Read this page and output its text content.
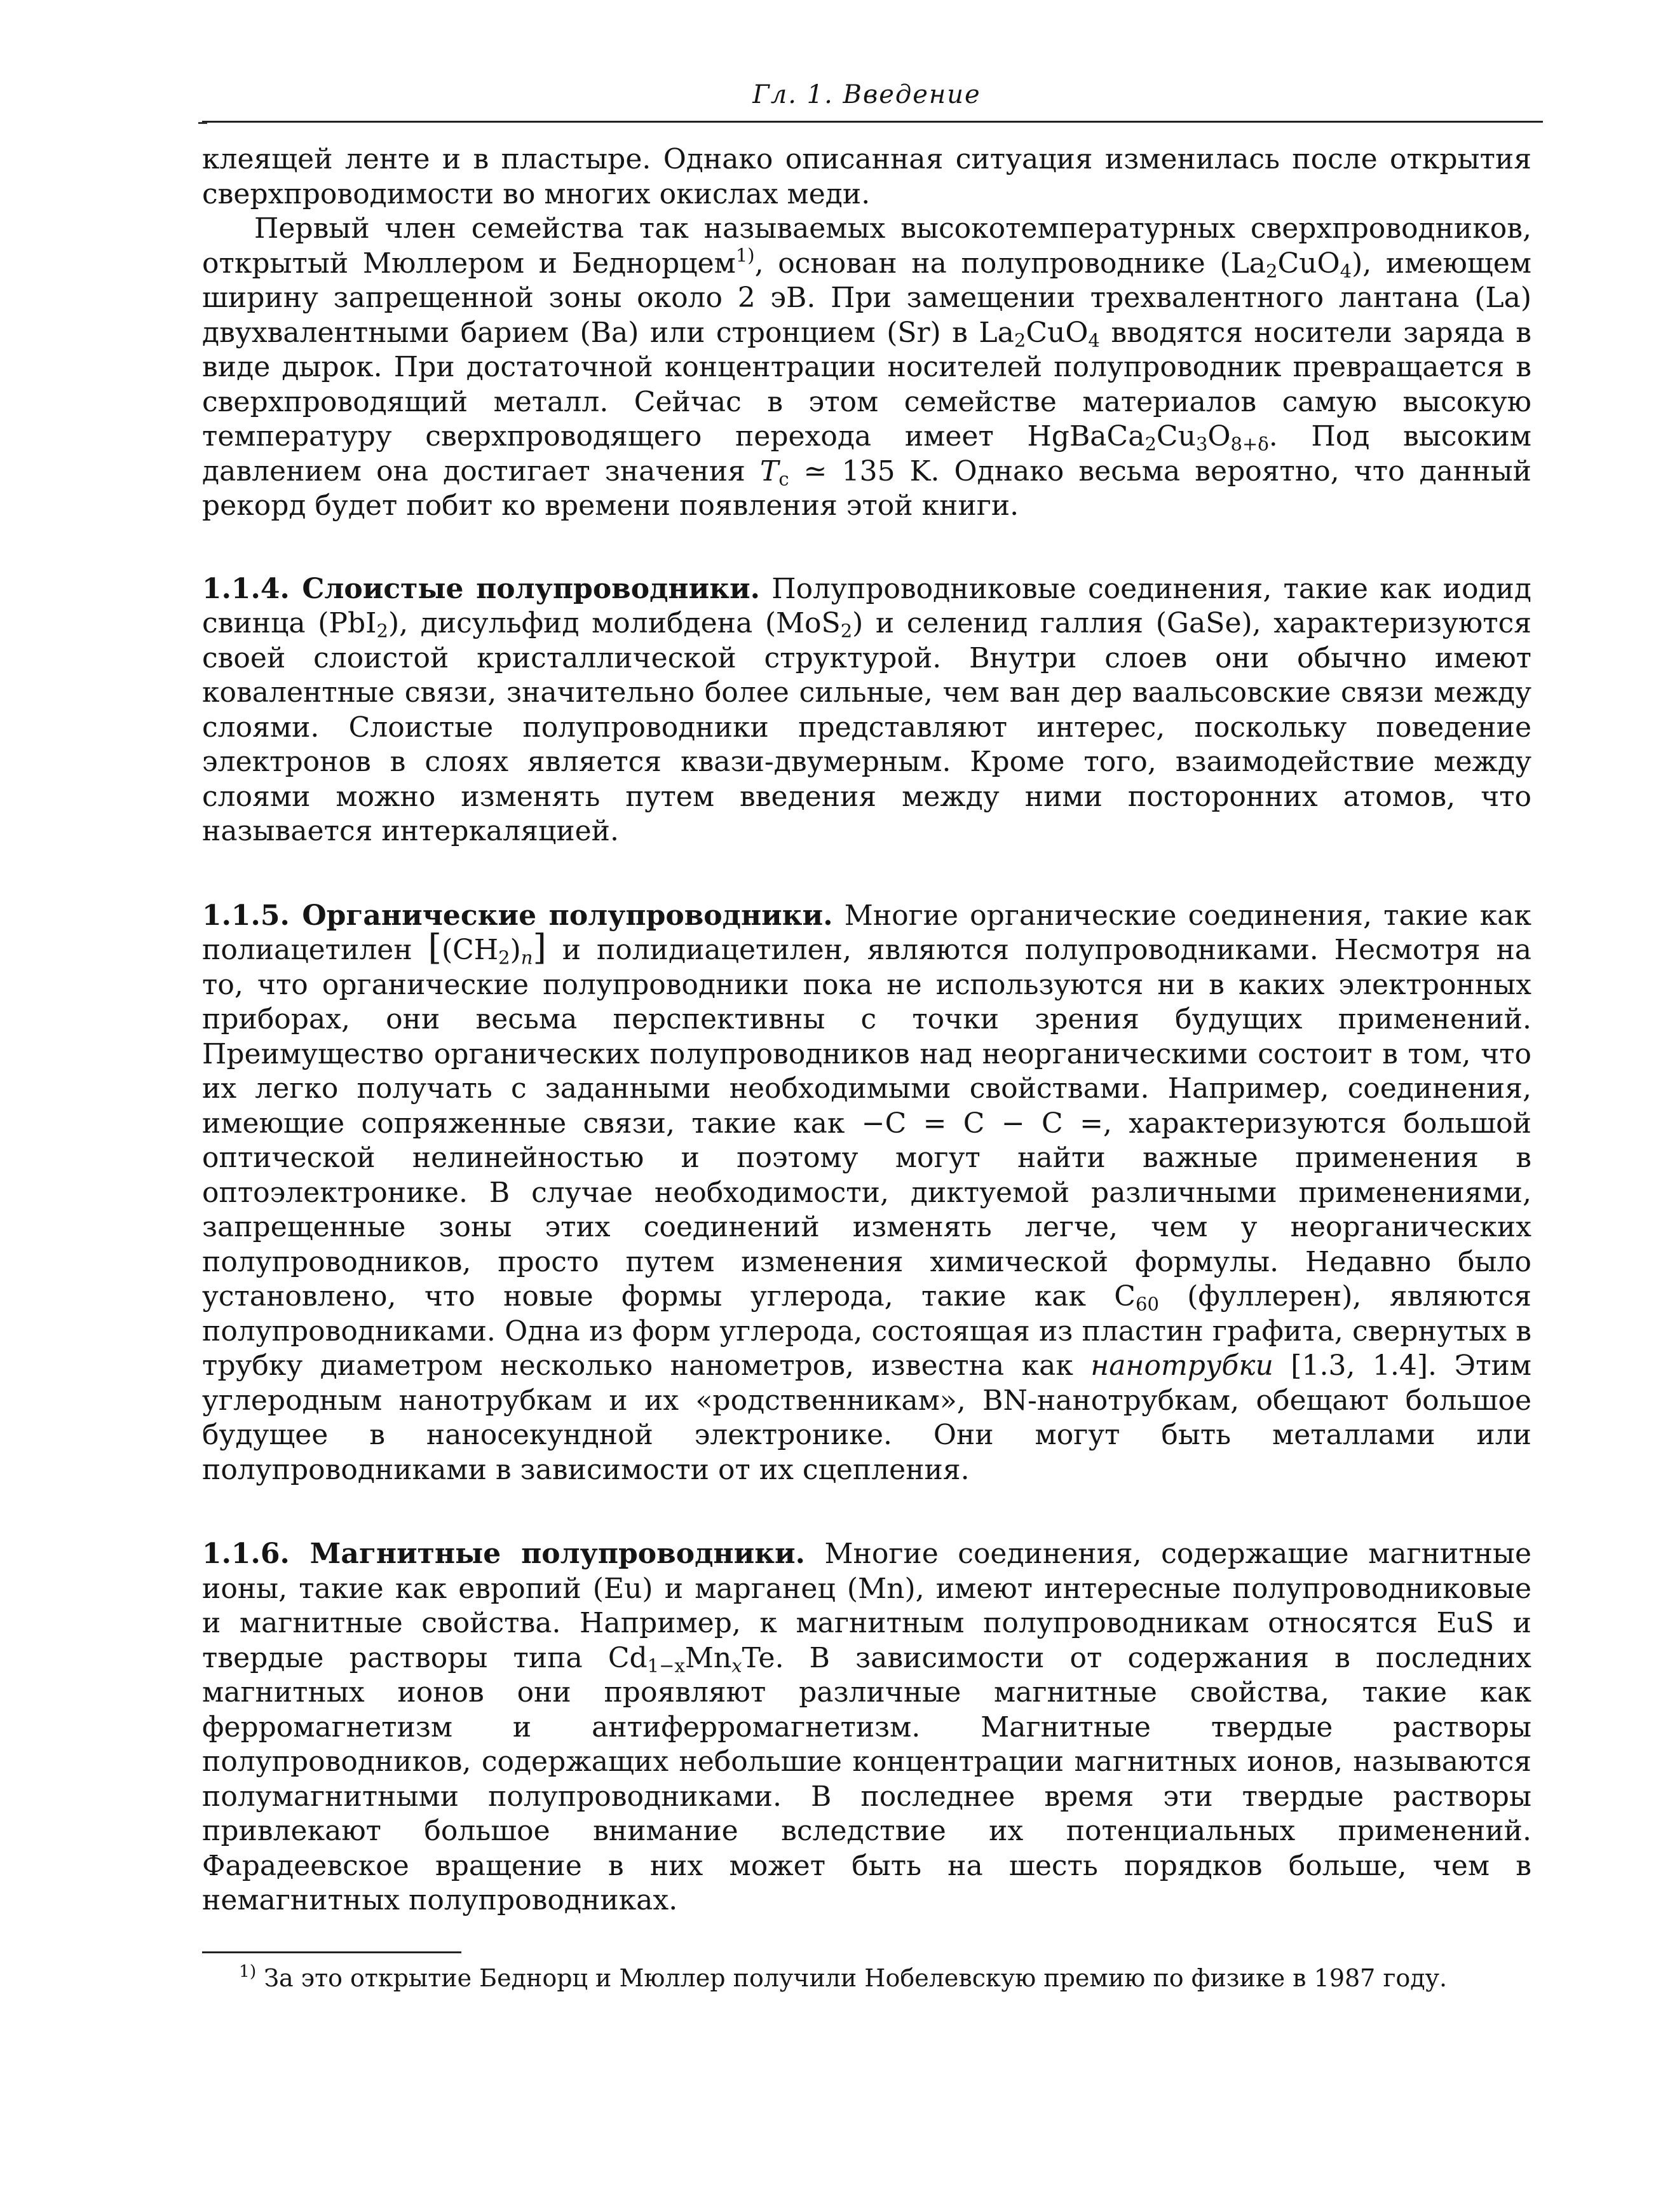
Гл. 1. Введение

клеящей ленте и в пластыре. Однако описанная ситуация изменилась после открытия сверхпроводимости во многих окислах меди.

Первый член семейства так называемых высокотемпературных сверхпроводников, открытый Мюллером и Беднорцем$^{1)}$, основан на полупроводнике $(La_2CuO_4)$, имеющем ширину запрещенной зоны около 2 эВ. При замещении трехвалентного лантана (La) двухвалентными барием (Ba) или стронцием (Sr) в $La_2CuO_4$ вводятся носители заряда в виде дырок. При достаточной концентрации носителей полупроводник превращается в сверхпроводящий металл. Сейчас в этом семействе материалов самую высокую температуру сверхпроводящего перехода имеет $HgBaCa_2Cu_3O_{8+\delta}$. Под высоким давлением она достигает значения $T_c$ ≃ 135 K. Однако весьма вероятно, что данный рекорд будет побит ко времени появления этой книги.

1.1.4. Слоистые полупроводники. Полупроводниковые соединения, такие как иодид свинца (PbI$_2$), дисульфид молибдена (MoS$_2$) и селенид галлия (GaSe), характеризуются своей слоистой кристаллической структурой. Внутри слоев они обычно имеют ковалентные связи, значительно более сильные, чем ван дер ваальсовские связи между слоями. Слоистые полупроводники представляют интерес, поскольку поведение электронов в слоях является квази-двумерным. Кроме того, взаимодействие между слоями можно изменять путем введения между ними посторонних атомов, что называется интеркаляцией.

1.1.5. Органические полупроводники. Многие органические соединения, такие как полиацетилен $[(CH_2)_n]$ и полидиацетилен, являются полупроводниками. Несмотря на то, что органические полупроводники пока не используются ни в каких электронных приборах, они весьма перспективны с точки зрения будущих применений. Преимущество органических полупроводников над неорганическими состоит в том, что их легко получать с заданными необходимыми свойствами. Например, соединения, имеющие сопряженные связи, такие как −C = C − C =, характеризуются большой оптической нелинейностью и поэтому могут найти важные применения в оптоэлектронике. В случае необходимости, диктуемой различными применениями, запрещенные зоны этих соединений изменять легче, чем у неорганических полупроводников, просто путем изменения химической формулы. Недавно было установлено, что новые формы углерода, такие как $C_{60}$ (фуллерен), являются полупроводниками. Одна из форм углерода, состоящая из пластин графита, свернутых в трубку диаметром несколько нанометров, известна как нанотрубки [1.3, 1.4]. Этим углеродным нанотрубкам и их «родственникам», BN-нанотрубкам, обещают большое будущее в наносекундной электронике. Они могут быть металлами или полупроводниками в зависимости от их сцепления.

1.1.6. Магнитные полупроводники. Многие соединения, содержащие магнитные ионы, такие как европий (Eu) и марганец (Mn), имеют интересные полупроводниковые и магнитные свойства. Например, к магнитным полупроводникам относятся EuS и твердые растворы типа $Cd_{1-x}Mn_xTe$. В зависимости от содержания в последних магнитных ионов они проявляют различные магнитные свойства, такие как ферромагнетизм и антиферромагнетизм. Магнитные твердые растворы полупроводников, содержащих небольшие концентрации магнитных ионов, называются полумагнитными полупроводниками. В последнее время эти твердые растворы привлекают большое внимание вследствие их потенциальных применений. Фарадеевское вращение в них может быть на шесть порядков больше, чем в немагнитных полупроводниках.

$^{1)}$ За это открытие Беднорц и Мюллер получили Нобелевскую премию по физике в 1987 году.
